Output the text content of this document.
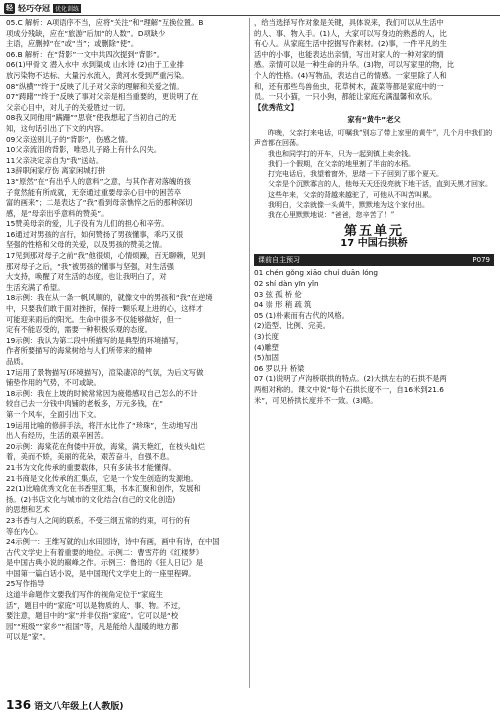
轻 轻巧夺冠 优化训练
05.C 解析：A项语序不当，应将“关注”和“理解”互换位置。B
项成分残缺，应在“旅游”后加“的人数”。D项缺少
主语，应删掉“在”或“当”；或删除“使”。
06.B 解析：在“背影”一文中共四次提到“背影”。
06(1)甲骨文 潜入水中 水到渠成 山水诗 (2)由于工业排
放污染物不达标、大量污水流入，黄河水受到严重污染。
08“纵横”“终于”反映了儿子对父亲的理解和关爱之情。
07“踌躇”“终于”反映了事对父亲是相当重要的，更说明了在
父亲心目中，对儿子的关爱胜过一切。
08我又同他用“蹒跚”“思衰”使我想起了当初自己的无
知，这句话引出了下文的内容。
09父亲送别儿子的“背影”，伤感之情。
10父亲流泪的背影，唯恐儿子路上有什么闪失。
11父亲决定亲自为“我”送站。
13辞职闲家疗伤 离家闲城打拼
13“原然”在“有出乎人的意料”之意，与其作者对落魄的孩
子竟然能有所成就，无奈通过重要母亲心目中的困苦卒
富的画来”；二是表达了“我”看到母亲憔悴之后的那种深切
感，是“母亲出乎意料的赞美”。
15赞美母亲的爱，儿子没有为儿们的担心和辛劳。
16通过对男孩的言行，如何赞扬了男孩懂事，乖巧又很
坚强的性格和父母的关爱，以及男孩的赞美之情。
17见到那对母子之前“我”他很烦，心情烦躁，百无聊赖，见到
那对母子之后，“我”被男孩的懂事与坚强，对生活强
大支持，唤醒了对生活的态度，也让我明白了，对
生活充满了希望。
18示例：我在从一条一帆风顺的，就像文中的男孩和“我”在逆境
中，只要我们敢于面对挫折，保持一颗乐观上进的心，这样才
可能迎来雨后的阳光。生命中很多不仅能够做好，但一
定有不能忍受的，需要一种积极乐观的态度。
19示例：我认为第二段中所描写的是典型的环境描写，
作者所要描写的海棠树给与人们所带来的精神
品质。
17运用了景物描写(环境描写)，渲染凄凉的气氛，为后文写做
铺垫作用的气势，不可或缺。
18示例：我在上坡的时候常常因为疲倦感叹自己怎么的不计
较自己去一分钱中肉铺的老板多，万元多钱，在“
第一个风车，全面引出下文。
19运用比喻的修辞手法，将汗水比作了“珍珠”，生动地写出
出人有经历，生活的艰辛困苦。
20示例：海棠花在佝偻中开放，海棠，满天艳红，在枝头灿烂
着，美而不娇，美丽的花朵，艰苦奋斗，自强不息。
21书为文化传承的重要载体，只有多读书才能懂得。
21书商是文化传承的汇集点，它是一个发生创造的发源地。
22(1)比喻优秀文化在书香里汇集，书本汇聚和创作，发展和
扬。(2)书店文化与城市的文化结合(自己的文化创造)
的思想和艺术
23书香与人之间的联系，不受三纲五常的约束，可行的有
等在内心。
24示例一：王维写就的山水田园诗，诗中有画，画中有诗，在中国
古代文学史上有着重要的地位。示例二：曹雪芹的《红楼梦》
是中国古典小说的巅峰之作。示例三：鲁迅的《狂人日记》是
中国第一篇白话小说，是中国现代文学史上的一座里程碑。
25写作指导
这道半命题作文要我们写作的视角定位于“家庭生
活”，题目中的“家庭”可以是物质的人、事、物。不过，
要注意，题目中的“家”并非仅指“家庭”。它可以是“校
园”“班级”“家乡”“祖国”等，凡是能给人温暖的地方都
可以是“家”。
，给当选择写作对象是关键，具体说来，我们可以从生活中
的人、事、物入手。(1)人，大家可以写身边的熟悉的人，比
有心人。从家庭生活中挖掘写作素材。(2)事，一件平凡的生
活中的小事，也能表达出亲情，写出对家人的一种对家的情
感。亲情可以是一种生命的升华。(3)物，可以写家里的物，比
个人的性格。(4)写物品，表达自己的情感。一家里除了人和
和，还有那些鸟兽鱼虫，花草树木，蔬菜等都是家庭中的一
员。一只小猫，一只小狗，都能让家庭充满温馨和欢乐。
【优秀范文】
家有“黄牛”老父

昨晚，父亲打来电话，叮嘱我“别忘了带上家里的黄牛”，几个月中我们的声音都在回荡。

我也和同学打的开车，只为一起到镇上卖余钱。

我们一个假期，在父亲的地里割了半亩的水稻。

打完电话后，我望着窗外，思绪一下子回到了那个夏天。

父亲是个沉默寡言的人，他每天天还没亮就下地干活，直到天黑才回家。

这些年来，父亲的背越来越驼了，可他从不叫苦叫累。

我明白，父亲就像一头黄牛，默默地为这个家付出。

我在心里默默地说：“爸爸，您辛苦了！”

第五单元
17 中国石拱桥
课前自主预习	P079
01 chén gǒng xiāo chuí duān lóng
02 shí dàn yīn yǐn
03 弦 孤 桥 伦
04 崇 形 稍 疏 筑
05 (1)朴素而有古代的风格。
(2)造型、比例、完美。
(3)长度
(4)雕塑
(5)加固
06 罗以升 桥梁
07 (1)说明了卢沟桥联拱的特点。(2)大拱左右的石拱不是两
两相对称的。课文中说“每个石拱长度不一，自16米到21.6
米”，可见桥拱长度并不一致。(3)略。
136 语文八年级上(人教版)
